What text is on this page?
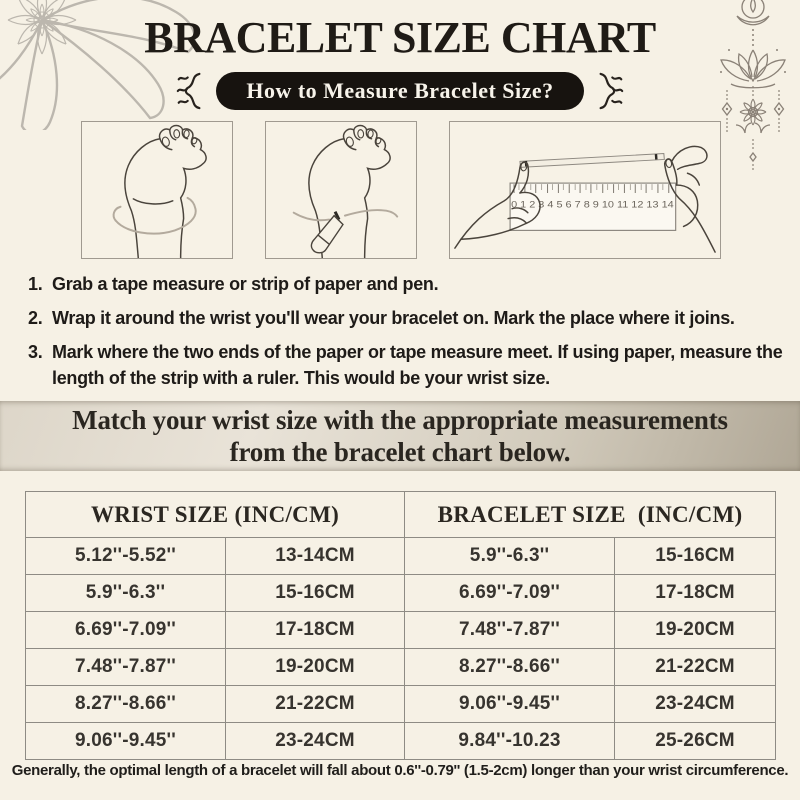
BRACELET SIZE CHART
How to Measure Bracelet Size?
0 1 2 3 4 5 6 7 8 9 10 11 12 13 14
1. Grab a tape measure or strip of paper and pen.
2. Wrap it around the wrist you'll wear your bracelet on. Mark the place where it joins.
3. Mark where the two ends of the paper or tape measure meet. If using paper, measure the length of the strip with a ruler. This would be your wrist size.
Match your wrist size with the appropriate measurements
from the bracelet chart below.
WRIST SIZE (INC/CM)		BRACELET SIZE  (INC/CM)	
5.12''-5.52''	13-14CM	5.9''-6.3''	15-16CM
5.9''-6.3''	15-16CM	6.69''-7.09''	17-18CM
6.69''-7.09''	17-18CM	7.48''-7.87''	19-20CM
7.48''-7.87''	19-20CM	8.27''-8.66''	21-22CM
8.27''-8.66''	21-22CM	9.06''-9.45''	23-24CM
9.06''-9.45''	23-24CM	9.84''-10.23	25-26CM
Generally, the optimal length of a bracelet will fall about 0.6''-0.79'' (1.5-2cm) longer than your wrist circumference.
